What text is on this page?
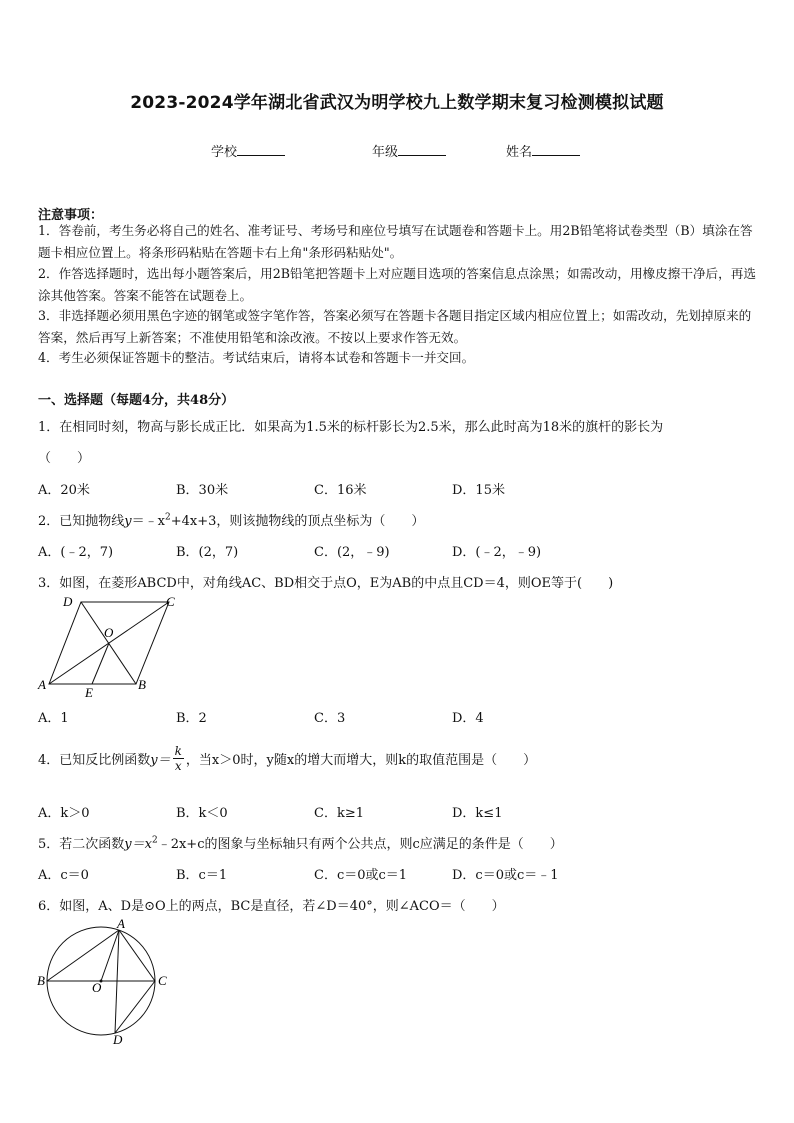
2023-2024学年湖北省武汉为明学校九上数学期末复习检测模拟试题
学校	年级	姓名
注意事项：
1．答卷前，考生务必将自己的姓名、准考证号、考场号和座位号填写在试题卷和答题卡上。用2B铅笔将试卷类型（B）填涂在答题卡相应位置上。将条形码粘贴在答题卡右上角"条形码粘贴处"。
2．作答选择题时，选出每小题答案后，用2B铅笔把答题卡上对应题目选项的答案信息点涂黑；如需改动，用橡皮擦干净后，再选涂其他答案。答案不能答在试题卷上。
3．非选择题必须用黑色字迹的钢笔或签字笔作答，答案必须写在答题卡各题目指定区域内相应位置上；如需改动，先划掉原来的答案，然后再写上新答案；不准使用铅笔和涂改液。不按以上要求作答无效。
4．考生必须保证答题卡的整洁。考试结束后，请将本试卷和答题卡一并交回。
一、选择题（每题4分，共48分）
1．在相同时刻，物高与影长成正比．如果高为1.5米的标杆影长为2.5米，那么此时高为18米的旗杆的影长为
（　　）
A．20米	B．30米	C．16米	D．15米
2．已知抛物线$y=﹣x^2+4x+3$，则该抛物线的顶点坐标为（　　）
A．(﹣2，7)	B．(2，7)	C．(2，﹣9)	D．(﹣2，﹣9)
3．如图，在菱形ABCD中，对角线AC、BD相交于点O，E为AB的中点且CD＝4，则OE等于(　　)
D	C
O
A
E
B
A．1	B．2	C．3	D．4
4．已知反比例函数$y= \frac{k}{x}$ ，当x＞0时，y随x的增大而增大，则k的取值范围是（　　）
A．k＞0	B．k＜0	C．k≥1	D．k≤1
5．若二次函数$y=x^2﹣2x+c$的图象与坐标轴只有两个公共点，则c应满足的条件是（　　）
A．c＝0	B．c＝1	C．c＝0或c＝1	D．c＝0或c＝﹣1
6．如图，A、D是⊙O上的两点，BC是直径，若∠D＝40°，则∠ACO＝（　　）
A
B	O	C
D
